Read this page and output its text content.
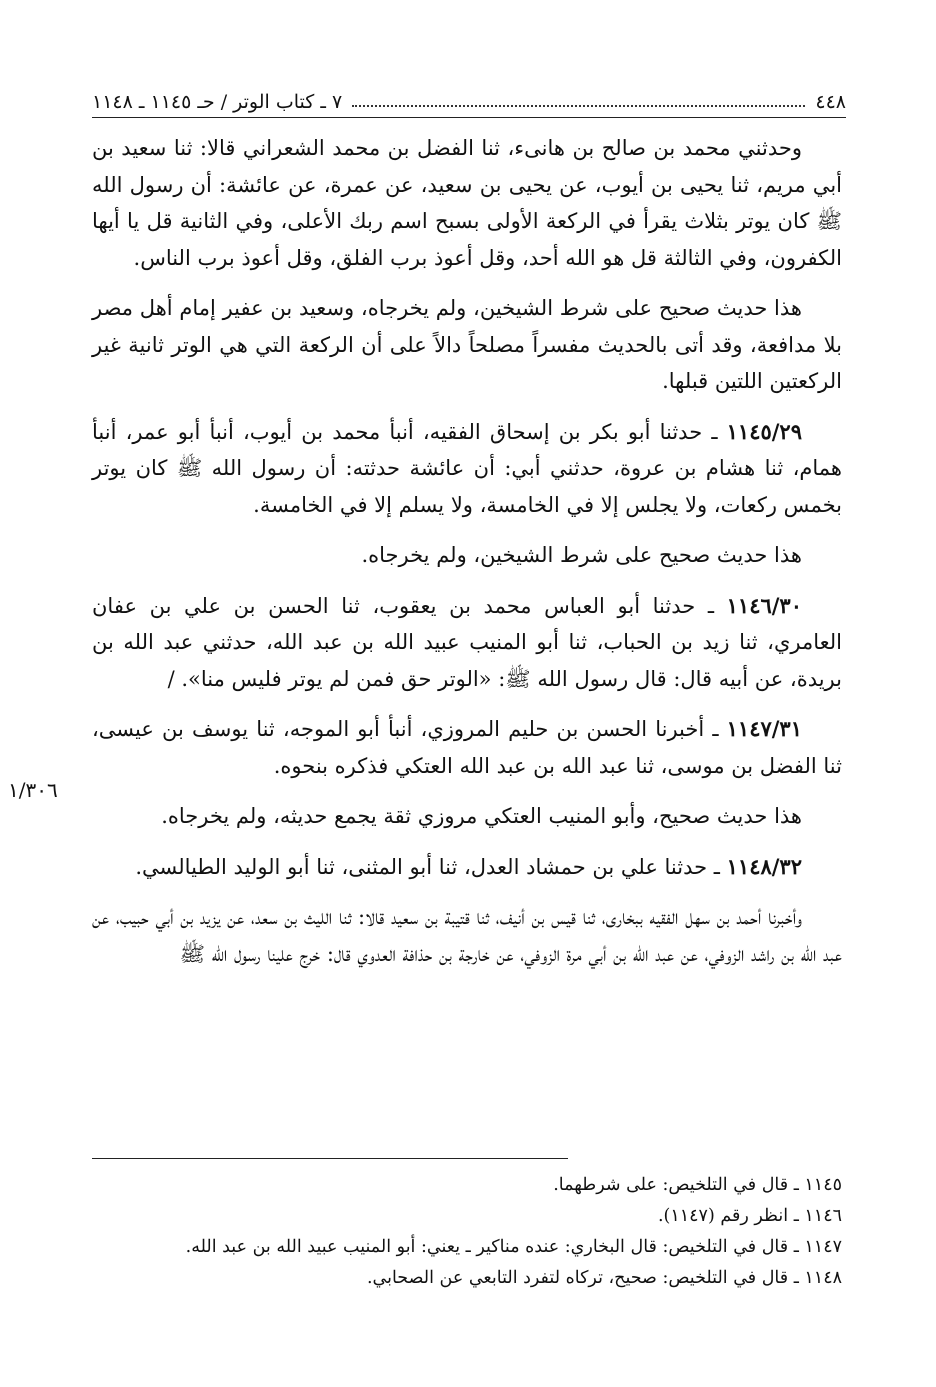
٤٤٨
٧ ـ كتاب الوتر / حـ ١١٤٥ ـ ١١٤٨

وحدثني محمد بن صالح بن هانىء، ثنا الفضل بن محمد الشعراني قالا: ثنا سعيد بن أبي مريم، ثنا يحيى بن أيوب، عن يحيى بن سعيد، عن عمرة، عن عائشة: أن رسول الله ﷺ كان يوتر بثلاث يقرأ في الركعة الأولى بسبح اسم ربك الأعلى، وفي الثانية قل يا أيها الكفرون، وفي الثالثة قل هو الله أحد، وقل أعوذ برب الفلق، وقل أعوذ برب الناس.

هذا حديث صحيح على شرط الشيخين، ولم يخرجاه، وسعيد بن عفير إمام أهل مصر بلا مدافعة، وقد أتى بالحديث مفسراً مصلحاً دالاً على أن الركعة التي هي الوتر ثانية غير الركعتين اللتين قبلها.

١١٤٥/٢٩ ـ حدثنا أبو بكر بن إسحاق الفقيه، أنبأ محمد بن أيوب، أنبأ أبو عمر، أنبأ همام، ثنا هشام بن عروة، حدثني أبي: أن عائشة حدثته: أن رسول الله ﷺ كان يوتر بخمس ركعات، ولا يجلس إلا في الخامسة، ولا يسلم إلا في الخامسة.

هذا حديث صحيح على شرط الشيخين، ولم يخرجاه.

١١٤٦/٣٠ ـ حدثنا أبو العباس محمد بن يعقوب، ثنا الحسن بن علي بن عفان العامري، ثنا زيد بن الحباب، ثنا أبو المنيب عبيد الله بن عبد الله، حدثني عبد الله بن بريدة، عن أبيه قال: قال رسول الله ﷺ: «الوتر حق فمن لم يوتر فليس منا». /

١١٤٧/٣١ ـ أخبرنا الحسن بن حليم المروزي، أنبأ أبو الموجه، ثنا يوسف بن عيسى، ثنا الفضل بن موسى، ثنا عبد الله بن عبد الله العتكي فذكره بنحوه.

هذا حديث صحيح، وأبو المنيب العتكي مروزي ثقة يجمع حديثه، ولم يخرجاه.

١١٤٨/٣٢ ـ حدثنا علي بن حمشاد العدل، ثنا أبو المثنى، ثنا أبو الوليد الطيالسي.

وأخبرنا أحمد بن سهل الفقيه ببخارى، ثنا قيس بن أنيف، ثنا قتيبة بن سعيد قالا: ثنا الليث بن سعد، عن يزيد بن أبي حبيب، عن عبد الله بن راشد الزوفي، عن عبد الله بن أبي مرة الزوفي، عن خارجة بن حذافة العدوي قال: خرج علينا رسول الله ﷺ

١/٣٠٦
١١٤٥ ـ قال في التلخيص: على شرطهما.
١١٤٦ ـ انظر رقم (١١٤٧).
١١٤٧ ـ قال في التلخيص: قال البخاري: عنده مناكير ـ يعني: أبو المنيب عبيد الله بن عبد الله.
١١٤٨ ـ قال في التلخيص: صحيح، تركاه لتفرد التابعي عن الصحابي.
